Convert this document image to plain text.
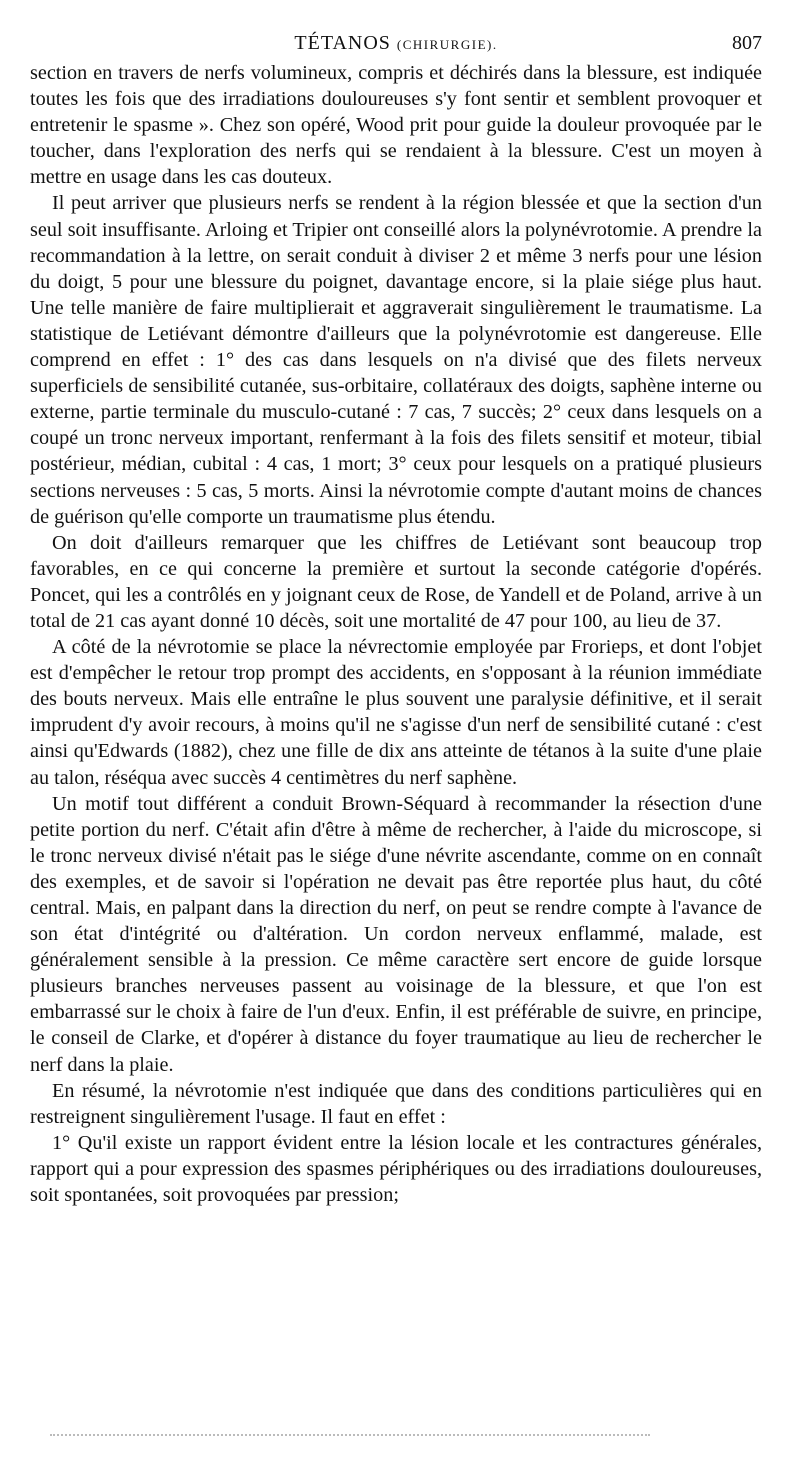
TÉTANOS (CHIRURGIE).	807

section en travers de nerfs volumineux, compris et déchirés dans la blessure, est indiquée toutes les fois que des irradiations douloureuses s'y font sentir et semblent provoquer et entretenir le spasme ». Chez son opéré, Wood prit pour guide la douleur provoquée par le toucher, dans l'exploration des nerfs qui se rendaient à la blessure. C'est un moyen à mettre en usage dans les cas douteux.

Il peut arriver que plusieurs nerfs se rendent à la région blessée et que la section d'un seul soit insuffisante. Arloing et Tripier ont conseillé alors la polynévrotomie. A prendre la recommandation à la lettre, on serait conduit à diviser 2 et même 3 nerfs pour une lésion du doigt, 5 pour une blessure du poignet, davantage encore, si la plaie siége plus haut. Une telle manière de faire multiplierait et aggraverait singulièrement le traumatisme. La statistique de Letiévant démontre d'ailleurs que la polynévrotomie est dangereuse. Elle comprend en effet : 1° des cas dans lesquels on n'a divisé que des filets nerveux superficiels de sensibilité cutanée, sus-orbitaire, collatéraux des doigts, saphène interne ou externe, partie terminale du musculo-cutané : 7 cas, 7 succès; 2° ceux dans lesquels on a coupé un tronc nerveux important, renfermant à la fois des filets sensitif et moteur, tibial postérieur, médian, cubital : 4 cas, 1 mort; 3° ceux pour lesquels on a pratiqué plusieurs sections nerveuses : 5 cas, 5 morts. Ainsi la névrotomie compte d'autant moins de chances de guérison qu'elle comporte un traumatisme plus étendu.

On doit d'ailleurs remarquer que les chiffres de Letiévant sont beaucoup trop favorables, en ce qui concerne la première et surtout la seconde catégorie d'opérés. Poncet, qui les a contrôlés en y joignant ceux de Rose, de Yandell et de Poland, arrive à un total de 21 cas ayant donné 10 décès, soit une mortalité de 47 pour 100, au lieu de 37.

A côté de la névrotomie se place la névrectomie employée par Frorieps, et dont l'objet est d'empêcher le retour trop prompt des accidents, en s'opposant à la réunion immédiate des bouts nerveux. Mais elle entraîne le plus souvent une paralysie définitive, et il serait imprudent d'y avoir recours, à moins qu'il ne s'agisse d'un nerf de sensibilité cutané : c'est ainsi qu'Edwards (1882), chez une fille de dix ans atteinte de tétanos à la suite d'une plaie au talon, réséqua avec succès 4 centimètres du nerf saphène.

Un motif tout différent a conduit Brown-Séquard à recommander la résection d'une petite portion du nerf. C'était afin d'être à même de rechercher, à l'aide du microscope, si le tronc nerveux divisé n'était pas le siége d'une névrite ascendante, comme on en connaît des exemples, et de savoir si l'opération ne devait pas être reportée plus haut, du côté central. Mais, en palpant dans la direction du nerf, on peut se rendre compte à l'avance de son état d'intégrité ou d'altération. Un cordon nerveux enflammé, malade, est généralement sensible à la pression. Ce même caractère sert encore de guide lorsque plusieurs branches nerveuses passent au voisinage de la blessure, et que l'on est embarrassé sur le choix à faire de l'un d'eux. Enfin, il est préférable de suivre, en principe, le conseil de Clarke, et d'opérer à distance du foyer traumatique au lieu de rechercher le nerf dans la plaie.

En résumé, la névrotomie n'est indiquée que dans des conditions particulières qui en restreignent singulièrement l'usage. Il faut en effet :

1° Qu'il existe un rapport évident entre la lésion locale et les contractures générales, rapport qui a pour expression des spasmes périphériques ou des irradiations douloureuses, soit spontanées, soit provoquées par pression;
